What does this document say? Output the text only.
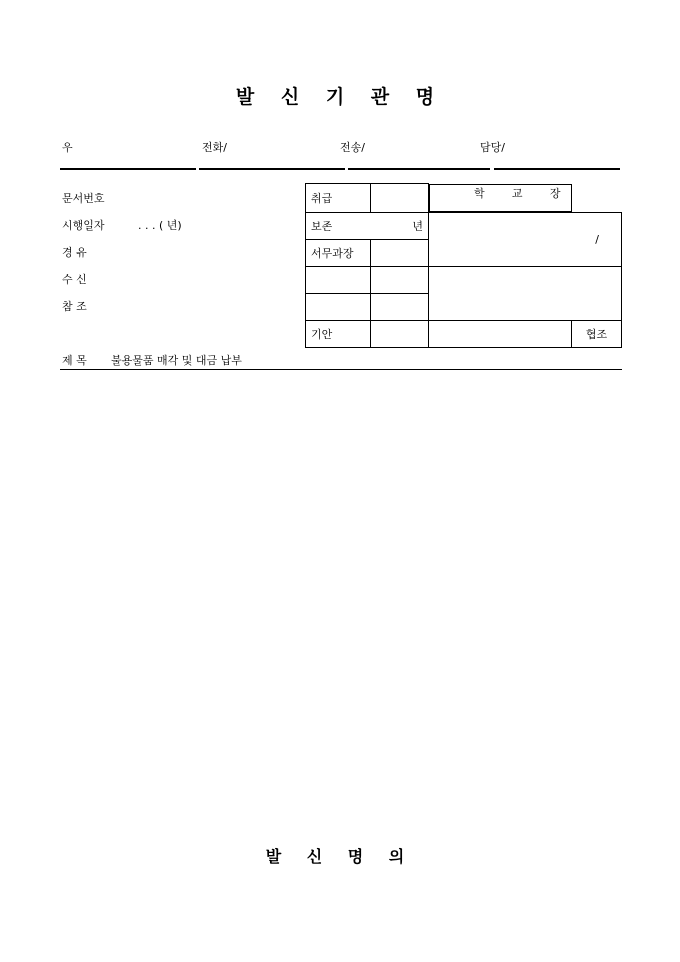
발 신 기 관 명
우	전화/	전송/	담당/
문서번호
시행일자	. . . ( 년)
경 유
수 신
참 조
취급			학 교 장

보존	년	/	
서무과장			

기안			협조
제 목 불용물품 매각 및 대금 납부
발 신 명 의
